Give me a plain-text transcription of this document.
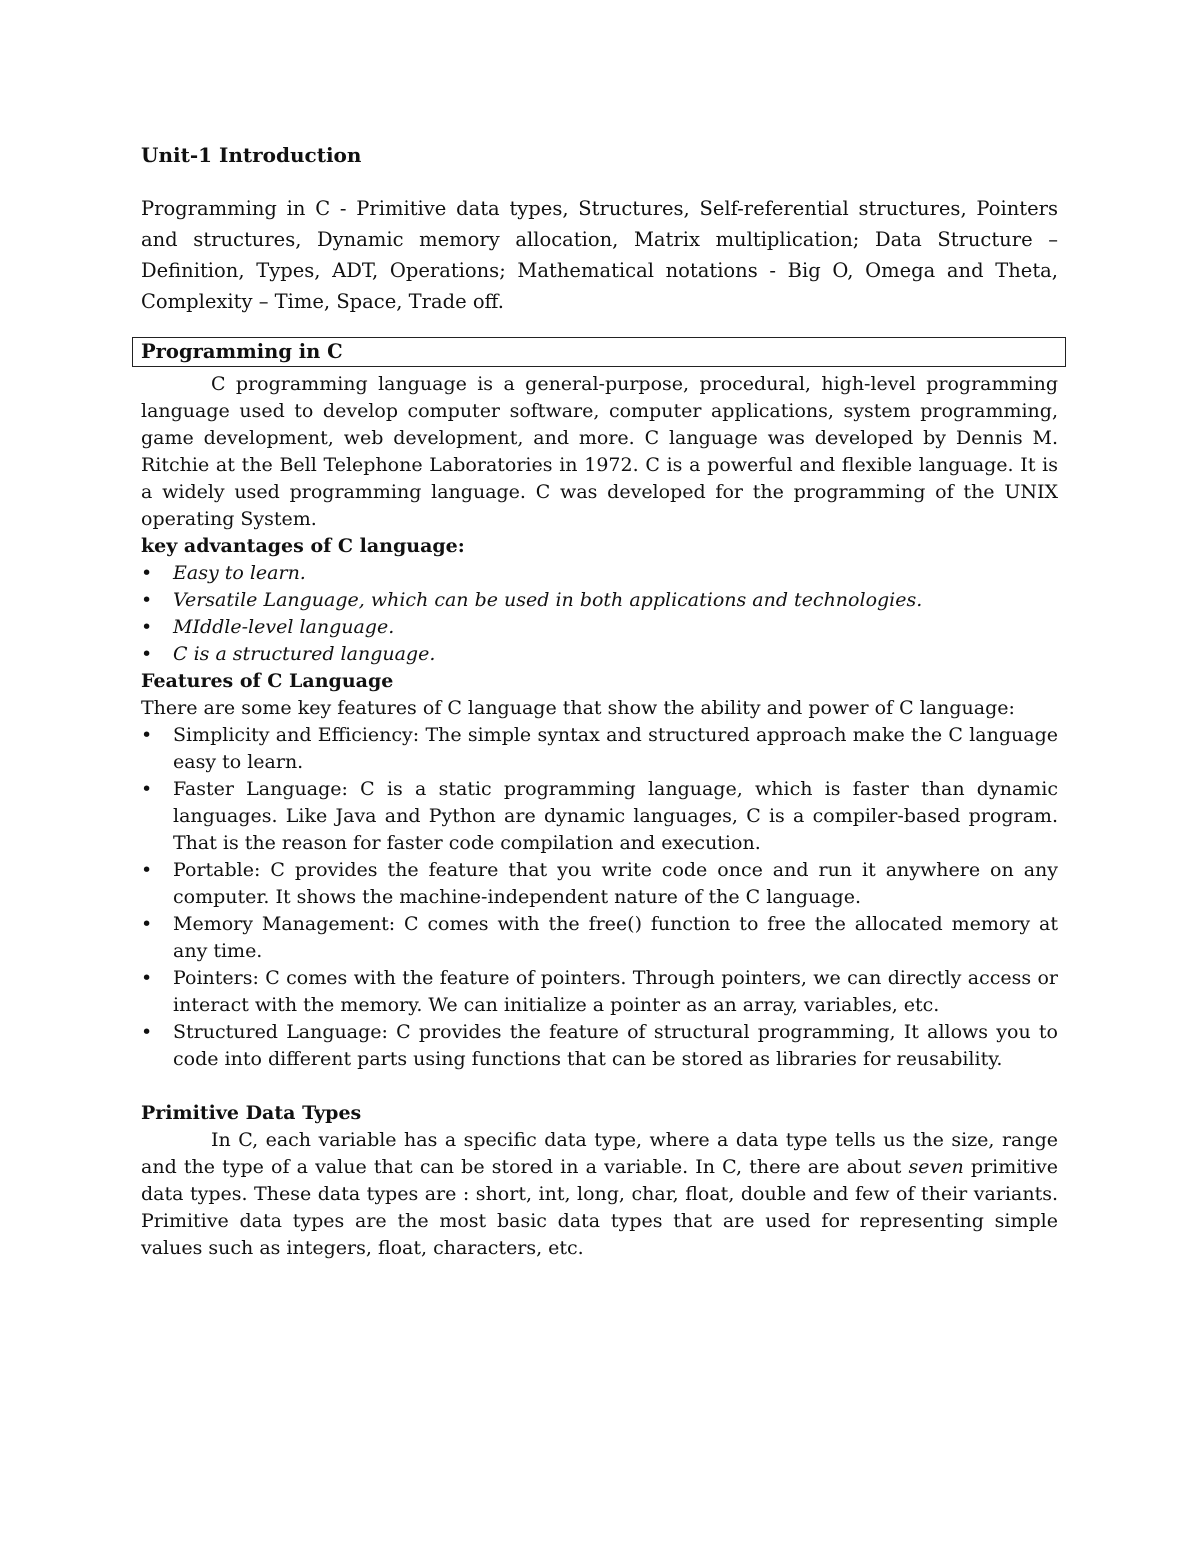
Unit-1 Introduction

Programming in C - Primitive data types, Structures, Self-referential structures, Pointers and structures, Dynamic memory allocation, Matrix multiplication; Data Structure – Definition, Types, ADT, Operations; Mathematical notations - Big O, Omega and Theta, Complexity – Time, Space, Trade off.

Programming in C

C programming language is a general-purpose, procedural, high-level programming language used to develop computer software, computer applications, system programming, game development, web development, and more. C language was developed by Dennis M. Ritchie at the Bell Telephone Laboratories in 1972. C is a powerful and flexible language. It is a widely used programming language. C was developed for the programming of the UNIX operating System.

key advantages of C language:

• Easy to learn.
• Versatile Language, which can be used in both applications and technologies.
• MIddle-level language.
• C is a structured language.

Features of C Language

There are some key features of C language that show the ability and power of C language:

• Simplicity and Efficiency: The simple syntax and structured approach make the C language easy to learn.
• Faster Language: C is a static programming language, which is faster than dynamic languages. Like Java and Python are dynamic languages, C is a compiler-based program. That is the reason for faster code compilation and execution.
• Portable: C provides the feature that you write code once and run it anywhere on any computer. It shows the machine-independent nature of the C language.
• Memory Management: C comes with the free() function to free the allocated memory at any time.
• Pointers: C comes with the feature of pointers. Through pointers, we can directly access or interact with the memory. We can initialize a pointer as an array, variables, etc.
• Structured Language: C provides the feature of structural programming, It allows you to code into different parts using functions that can be stored as libraries for reusability.

Primitive Data Types

In C, each variable has a specific data type, where a data type tells us the size, range and the type of a value that can be stored in a variable. In C, there are about seven primitive data types. These data types are : short, int, long, char, float, double and few of their variants. Primitive data types are the most basic data types that are used for representing simple values such as integers, float, characters, etc.
